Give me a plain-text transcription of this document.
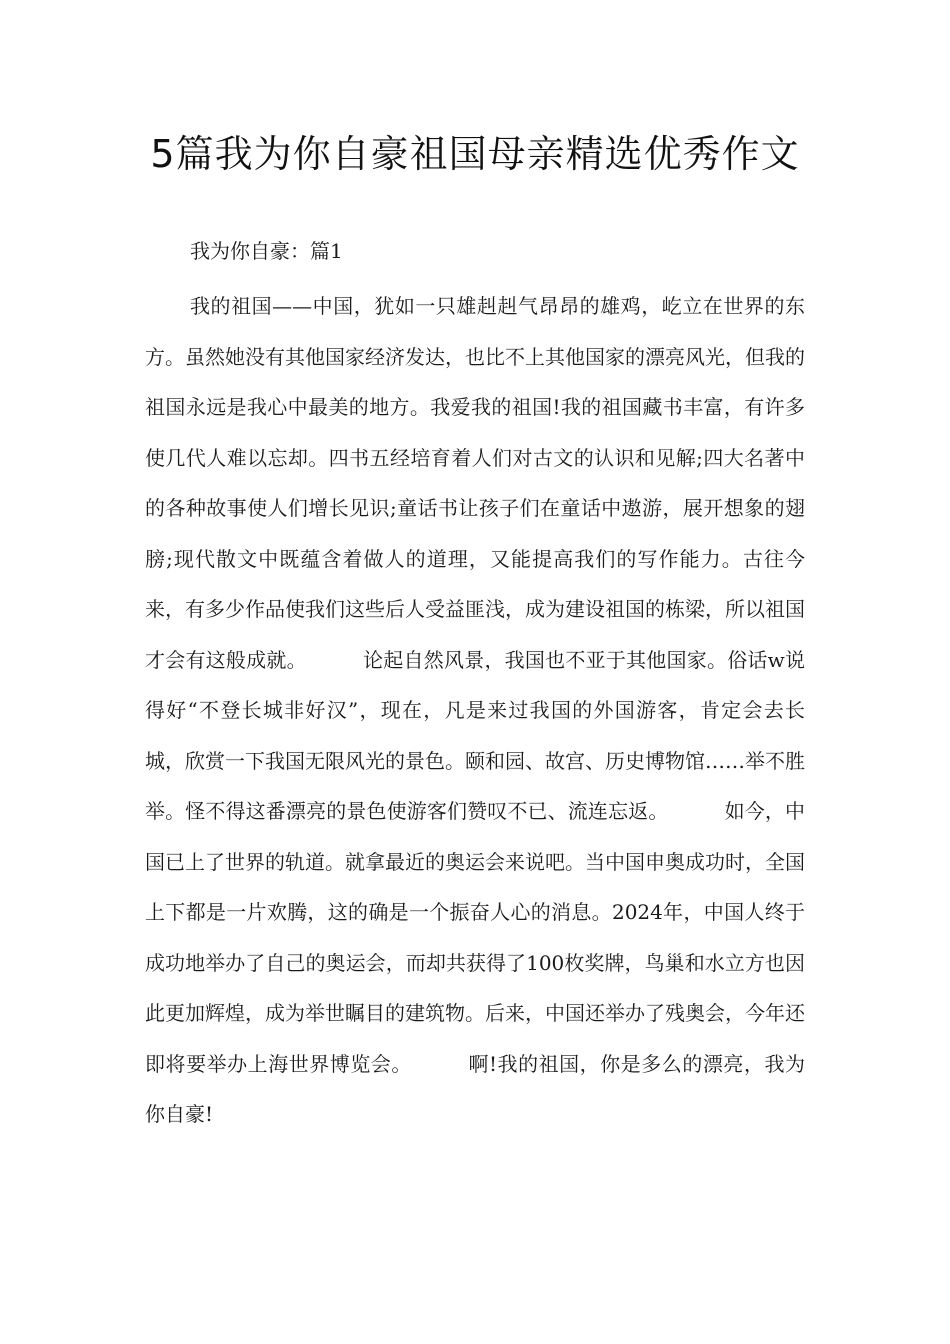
5篇我为你自豪祖国母亲精选优秀作文

我为你自豪：篇1

我的祖国——中国，犹如一只雄赳赳气昂昂的雄鸡，屹立在世界的东方。虽然她没有其他国家经济发达，也比不上其他国家的漂亮风光，但我的祖国永远是我心中最美的地方。我爱我的祖国!我的祖国藏书丰富，有许多使几代人难以忘却。四书五经培育着人们对古文的认识和见解;四大名著中的各种故事使人们增长见识;童话书让孩子们在童话中遨游，展开想象的翅膀;现代散文中既蕴含着做人的道理，又能提高我们的写作能力。古往今来，有多少作品使我们这些后人受益匪浅，成为建设祖国的栋梁，所以祖国才会有这般成就。	论起自然风景，我国也不亚于其他国家。俗话w说得好“不登长城非好汉”，现在，凡是来过我国的外国游客，肯定会去长城，欣赏一下我国无限风光的景色。颐和园、故宫、历史博物馆……举不胜举。怪不得这番漂亮的景色使游客们赞叹不已、流连忘返。	如今，中国已上了世界的轨道。就拿最近的奥运会来说吧。当中国申奥成功时，全国上下都是一片欢腾，这的确是一个振奋人心的消息。2024年，中国人终于成功地举办了自己的奥运会，而却共获得了100枚奖牌，鸟巢和水立方也因此更加辉煌，成为举世瞩目的建筑物。后来，中国还举办了残奥会，今年还即将要举办上海世界博览会。	啊!我的祖国，你是多么的漂亮，我为你自豪!
